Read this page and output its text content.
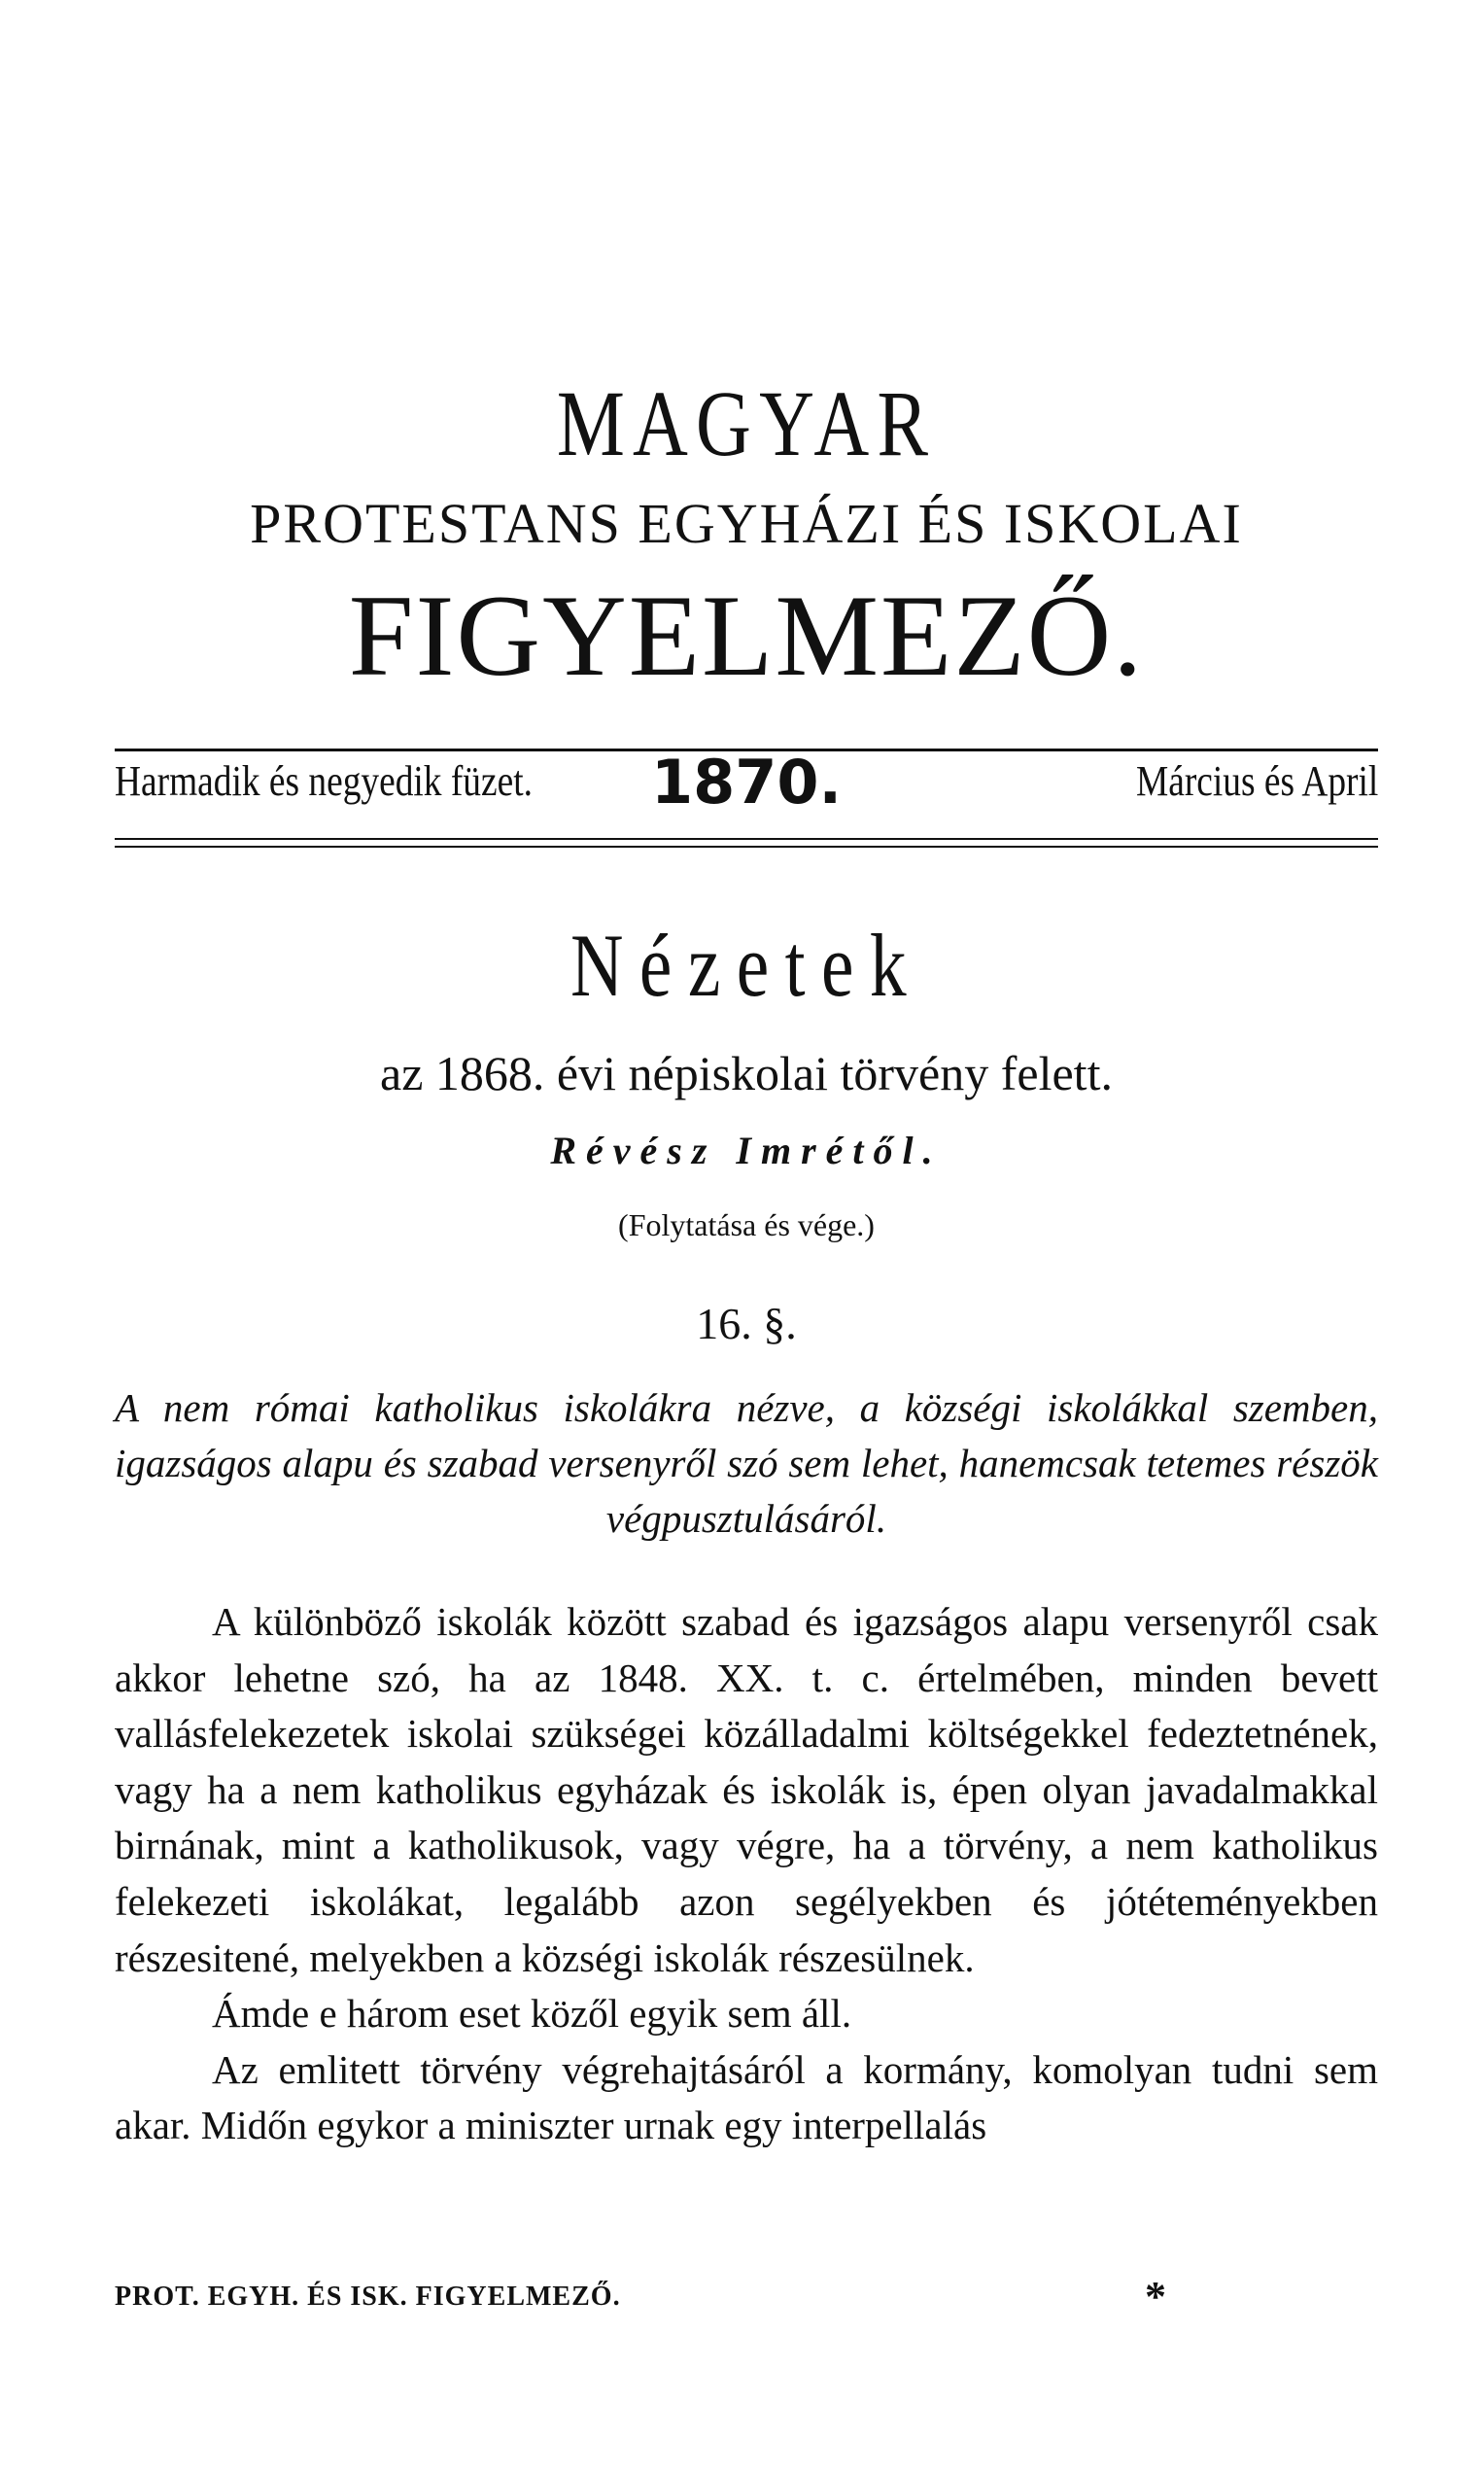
MAGYAR
PROTESTANS EGYHÁZI ÉS ISKOLAI
FIGYELMEZŐ.
Harmadik és negyedik füzet.	1870.	Március és April
Nézetek
az 1868. évi népiskolai törvény felett.
Révész Imrétől.
(Folytatása és vége.)
16. §.
A nem római katholikus iskolákra nézve, a községi iskolákkal szemben, igazságos alapu és szabad versenyről szó sem lehet, hanemcsak tetemes részök végpusztulásáról.

A különböző iskolák között szabad és igazságos alapu versenyről csak akkor lehetne szó, ha az 1848. XX. t. c. értelmében, minden bevett vallásfelekezetek iskolai szükségei közálladalmi költségekkel fedeztetnének, vagy ha a nem katholikus egyházak és iskolák is, épen olyan javadalmakkal birnának, mint a katholikusok, vagy végre, ha a törvény, a nem katholikus felekezeti iskolákat, legalább azon segélyekben és jótéteményekben részesitené, melyekben a községi iskolák részesülnek.

Ámde e három eset közől egyik sem áll.

Az emlitett törvény végrehajtásáról a kormány, komolyan tudni sem akar. Midőn egykor a miniszter urnak egy interpellalás

PROT. EGYH. ÉS ISK. FIGYELMEZŐ.	*
